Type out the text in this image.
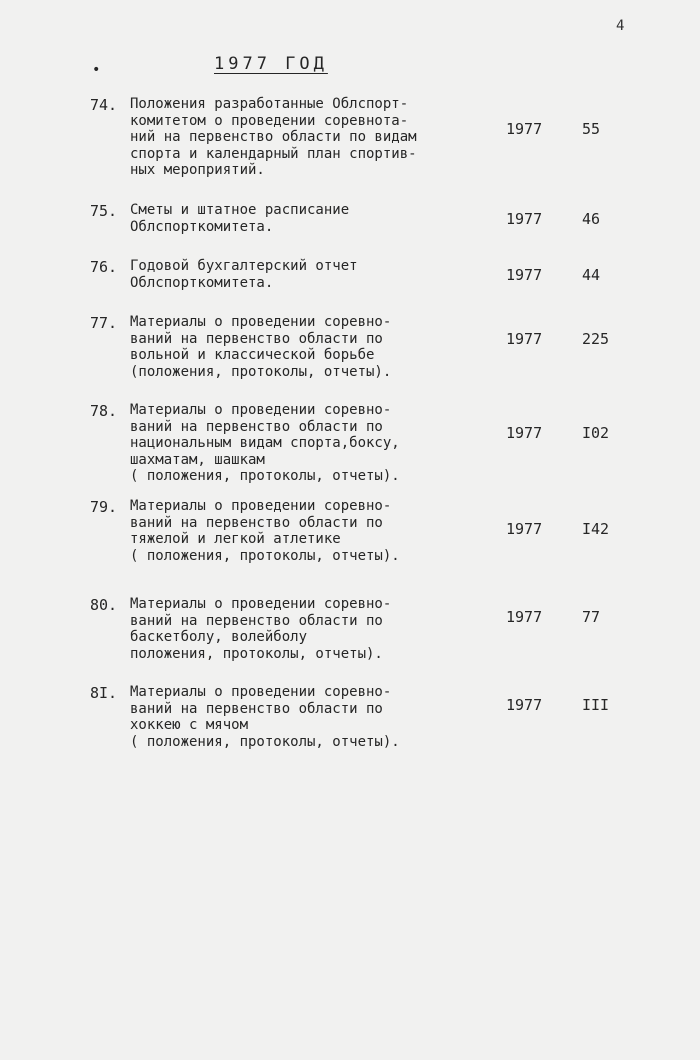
4
•	1977 ГОД
74. Положения разработанные Облспорт-
комитетом о проведении соревнота-
ний на первенство области по видам
спорта и календарный план спортив-
ных мероприятий.
1977	55
75. Сметы и штатное расписание
Облспорткомитета.	1977	46
76. Годовой бухгалтерский отчет
Облспорткомитета.	1977	44
77. Материалы о проведении соревно-
ваний на первенство области по
вольной и классической борьбе
(положения, протоколы, отчеты).
1977	225
78. Материалы о проведении соревно-
ваний на первенство области по
национальным видам спорта,боксу,
шахматам, шашкам
( положения, протоколы, отчеты).
1977	I02
79. Материалы о проведении соревно-
ваний на первенство области по
тяжелой и легкой атлетике
( положения, протоколы, отчеты).
1977	I42
80. Материалы о проведении соревно-
ваний на первенство области по
баскетболу, волейболу
положения, протоколы, отчеты).
1977	77
8I. Материалы о проведении соревно-
ваний на первенство области по
хоккею с мячом
( положения, протоколы, отчеты).
1977	III
